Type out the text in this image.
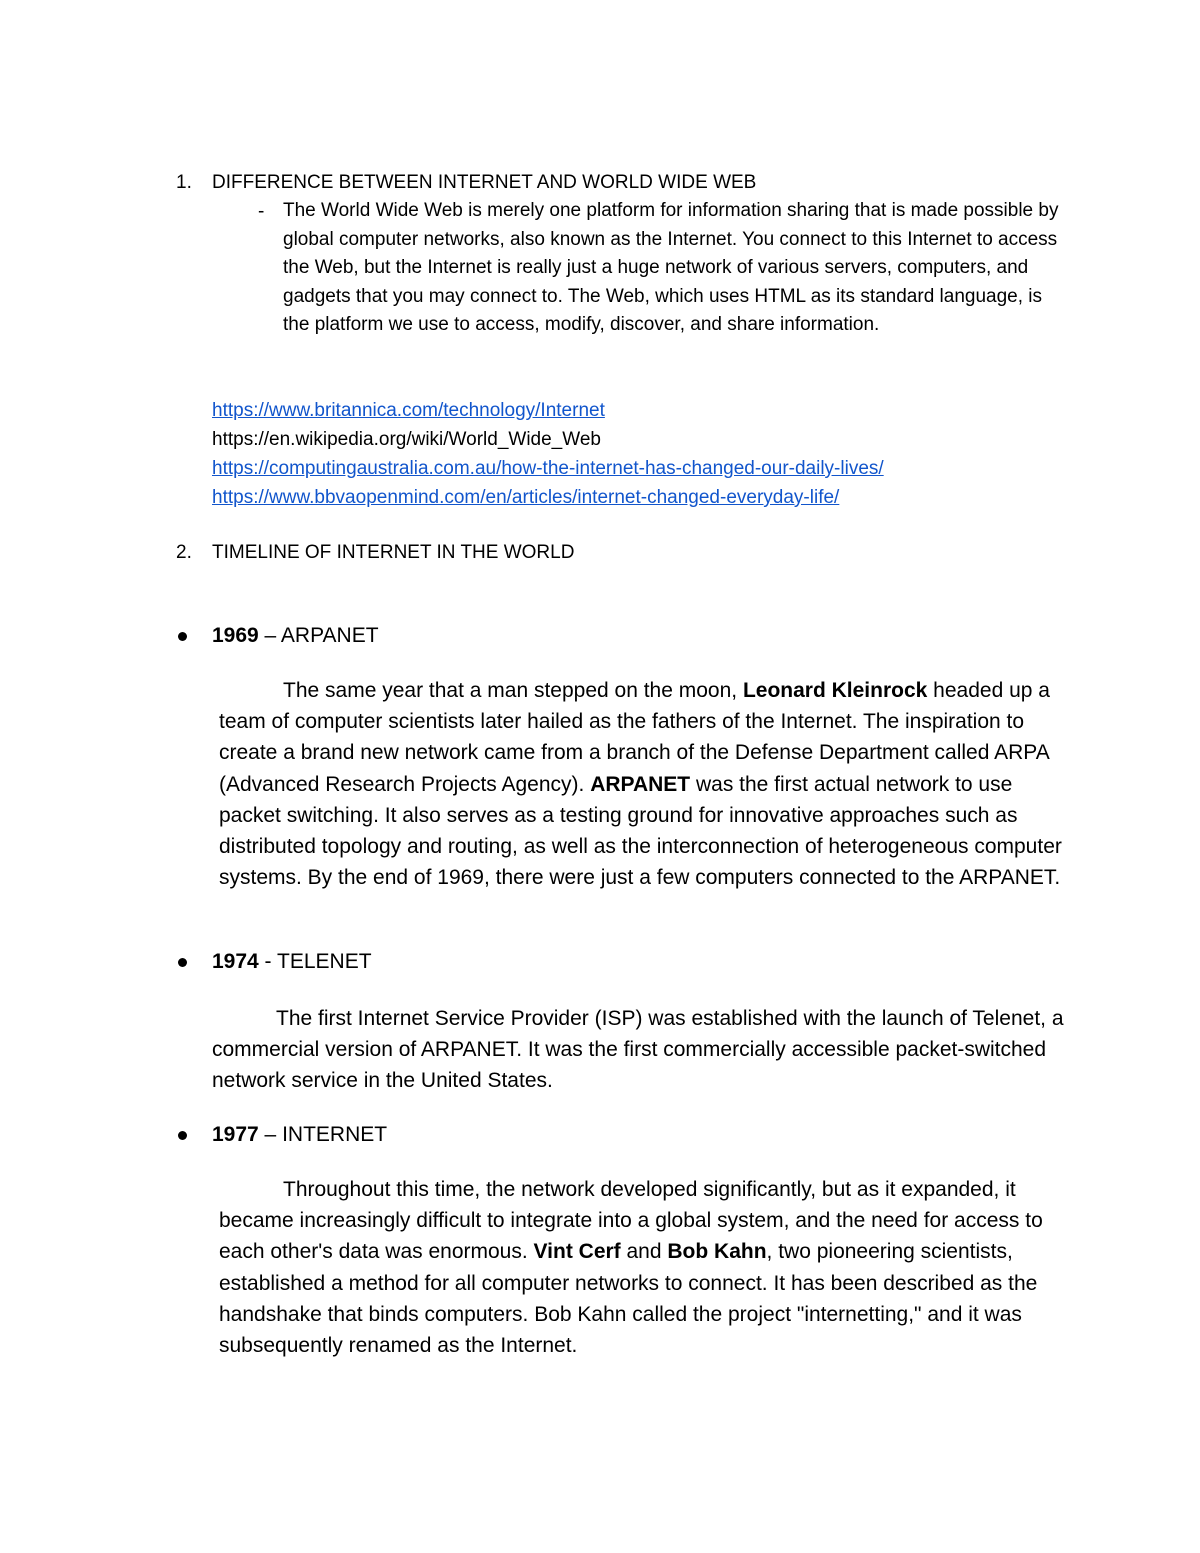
1. DIFFERENCE BETWEEN INTERNET AND WORLD WIDE WEB
- The World Wide Web is merely one platform for information sharing that is made possible by global computer networks, also known as the Internet. You connect to this Internet to access the Web, but the Internet is really just a huge network of various servers, computers, and gadgets that you may connect to. The Web, which uses HTML as its standard language, is the platform we use to access, modify, discover, and share information.
https://www.britannica.com/technology/Internet
https://en.wikipedia.org/wiki/World_Wide_Web
https://computingaustralia.com.au/how-the-internet-has-changed-our-daily-lives/
https://www.bbvaopenmind.com/en/articles/internet-changed-everyday-life/
2. TIMELINE OF INTERNET IN THE WORLD
1969 – ARPANET
The same year that a man stepped on the moon, Leonard Kleinrock headed up a team of computer scientists later hailed as the fathers of the Internet. The inspiration to create a brand new network came from a branch of the Defense Department called ARPA (Advanced Research Projects Agency). ARPANET was the first actual network to use packet switching. It also serves as a testing ground for innovative approaches such as distributed topology and routing, as well as the interconnection of heterogeneous computer systems. By the end of 1969, there were just a few computers connected to the ARPANET.
1974 - TELENET
The first Internet Service Provider (ISP) was established with the launch of Telenet, a commercial version of ARPANET. It was the first commercially accessible packet-switched network service in the United States.
1977 – INTERNET
Throughout this time, the network developed significantly, but as it expanded, it became increasingly difficult to integrate into a global system, and the need for access to each other's data was enormous. Vint Cerf and Bob Kahn, two pioneering scientists, established a method for all computer networks to connect. It has been described as the handshake that binds computers. Bob Kahn called the project "internetting," and it was subsequently renamed as the Internet.
